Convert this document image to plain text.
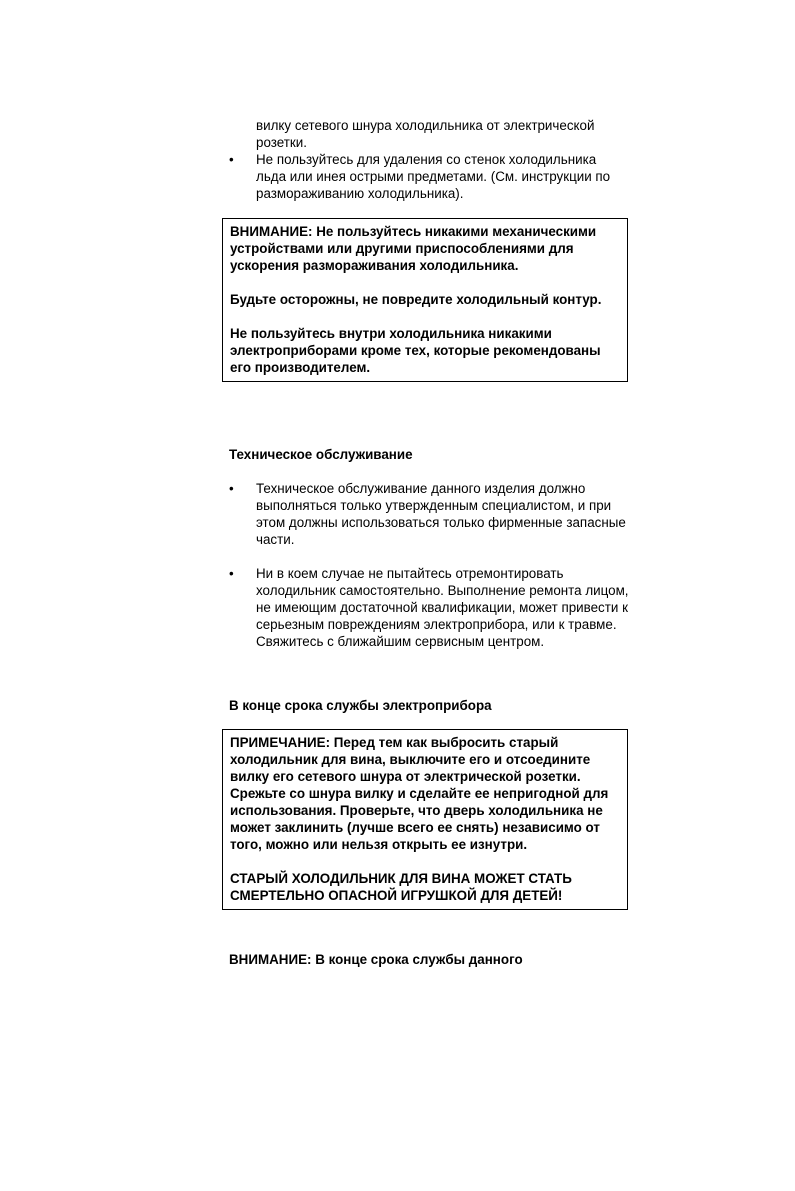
вилку сетевого шнура холодильника от электрической розетки.
• Не пользуйтесь для удаления со стенок холодильника льда или инея острыми предметами. (См. инструкции по размораживанию холодильника).

ВНИМАНИЕ: Не пользуйтесь никакими механическими устройствами или другими приспособлениями для ускорения размораживания холодильника.

Будьте осторожны, не повредите холодильный контур.

Не пользуйтесь внутри холодильника никакими электроприборами кроме тех, которые рекомендованы его производителем.

Техническое обслуживание
• Техническое обслуживание данного изделия должно выполняться только утвержденным специалистом, и при этом должны использоваться только фирменные запасные части.
• Ни в коем случае не пытайтесь отремонтировать холодильник самостоятельно. Выполнение ремонта лицом, не имеющим достаточной квалификации, может привести к серьезным повреждениям электроприбора, или к травме. Свяжитесь с ближайшим сервисным центром.
В конце срока службы электроприбора

ПРИМЕЧАНИЕ: Перед тем как выбросить старый холодильник для вина, выключите его и отсоедините вилку его сетевого шнура от электрической розетки. Срежьте со шнура вилку и сделайте ее непригодной для использования. Проверьте, что дверь холодильника не может заклинить (лучше всего ее снять) независимо от того, можно или нельзя открыть ее изнутри.

СТАРЫЙ ХОЛОДИЛЬНИК ДЛЯ ВИНА МОЖЕТ СТАТЬ СМЕРТЕЛЬНО ОПАСНОЙ ИГРУШКОЙ ДЛЯ ДЕТЕЙ!

ВНИМАНИЕ: В конце срока службы данного
